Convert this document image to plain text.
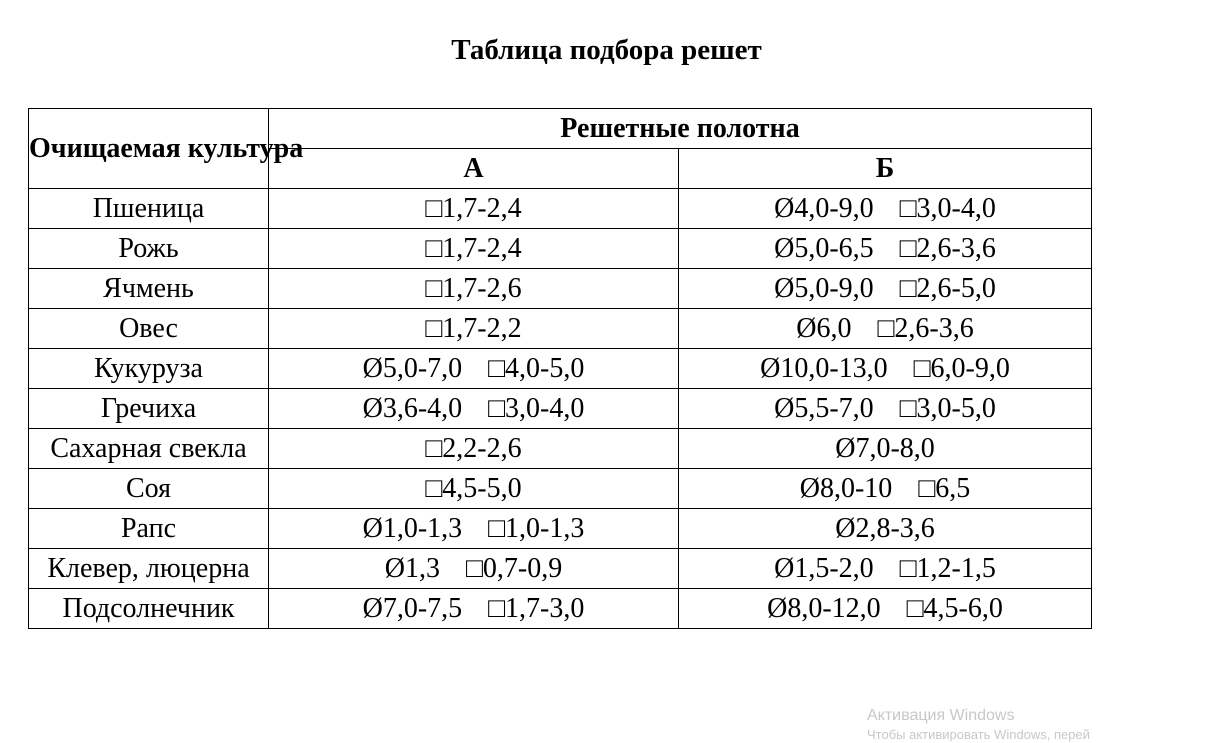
Таблица подбора решет
Очищаемая культура	Решетные полотна	
	А	Б
Пшеница	□1,7-2,4	Ø4,0-9,0 □3,0-4,0
Рожь	□1,7-2,4	Ø5,0-6,5 □2,6-3,6
Ячмень	□1,7-2,6	Ø5,0-9,0 □2,6-5,0
Овес	□1,7-2,2	Ø6,0 □2,6-3,6
Кукуруза	Ø5,0-7,0 □4,0-5,0	Ø10,0-13,0 □6,0-9,0
Гречиха	Ø3,6-4,0 □3,0-4,0	Ø5,5-7,0 □3,0-5,0
Сахарная свекла	□2,2-2,6	Ø7,0-8,0
Соя	□4,5-5,0	Ø8,0-10 □6,5
Рапс	Ø1,0-1,3 □1,0-1,3	Ø2,8-3,6
Клевер, люцерна	Ø1,3 □0,7-0,9	Ø1,5-2,0 □1,2-1,5
Подсолнечник	Ø7,0-7,5 □1,7-3,0	Ø8,0-12,0 □4,5-6,0
Активация Windows
Чтобы активировать Windows, перей
